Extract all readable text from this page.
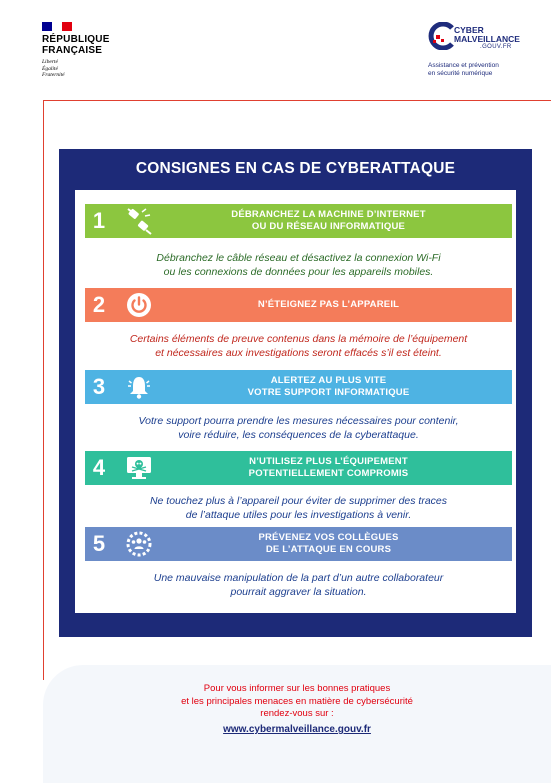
RÉPUBLIQUE
FRANÇAISE
Liberté
Égalité
Fraternité
CYBER
MALVEILLANCE
.GOUV.FR
Assistance et prévention
en sécurité numérique
CONSIGNES EN CAS DE CYBERATTAQUE
1	DÉBRANCHEZ LA MACHINE D’INTERNET
OU DU RÉSEAU INFORMATIQUE
Débranchez le câble réseau et désactivez la connexion Wi-Fi
ou les connexions de données pour les appareils mobiles.
2	N’ÉTEIGNEZ PAS L’APPAREIL
Certains éléments de preuve contenus dans la mémoire de l’équipement
et nécessaires aux investigations seront effacés s’il est éteint.
3	ALERTEZ AU PLUS VITE
VOTRE SUPPORT INFORMATIQUE
Votre support pourra prendre les mesures nécessaires pour contenir,
voire réduire, les conséquences de la cyberattaque.
4	N’UTILISEZ PLUS L’ÉQUIPEMENT
POTENTIELLEMENT COMPROMIS
Ne touchez plus à l’appareil pour éviter de supprimer des traces
de l’attaque utiles pour les investigations à venir.
5	PRÉVENEZ VOS COLLÈGUES
DE L’ATTAQUE EN COURS
Une mauvaise manipulation de la part d’un autre collaborateur
pourrait aggraver la situation.
Pour vous informer sur les bonnes pratiques
et les principales menaces en matière de cybersécurité
rendez-vous sur :
www.cybermalveillance.gouv.fr
